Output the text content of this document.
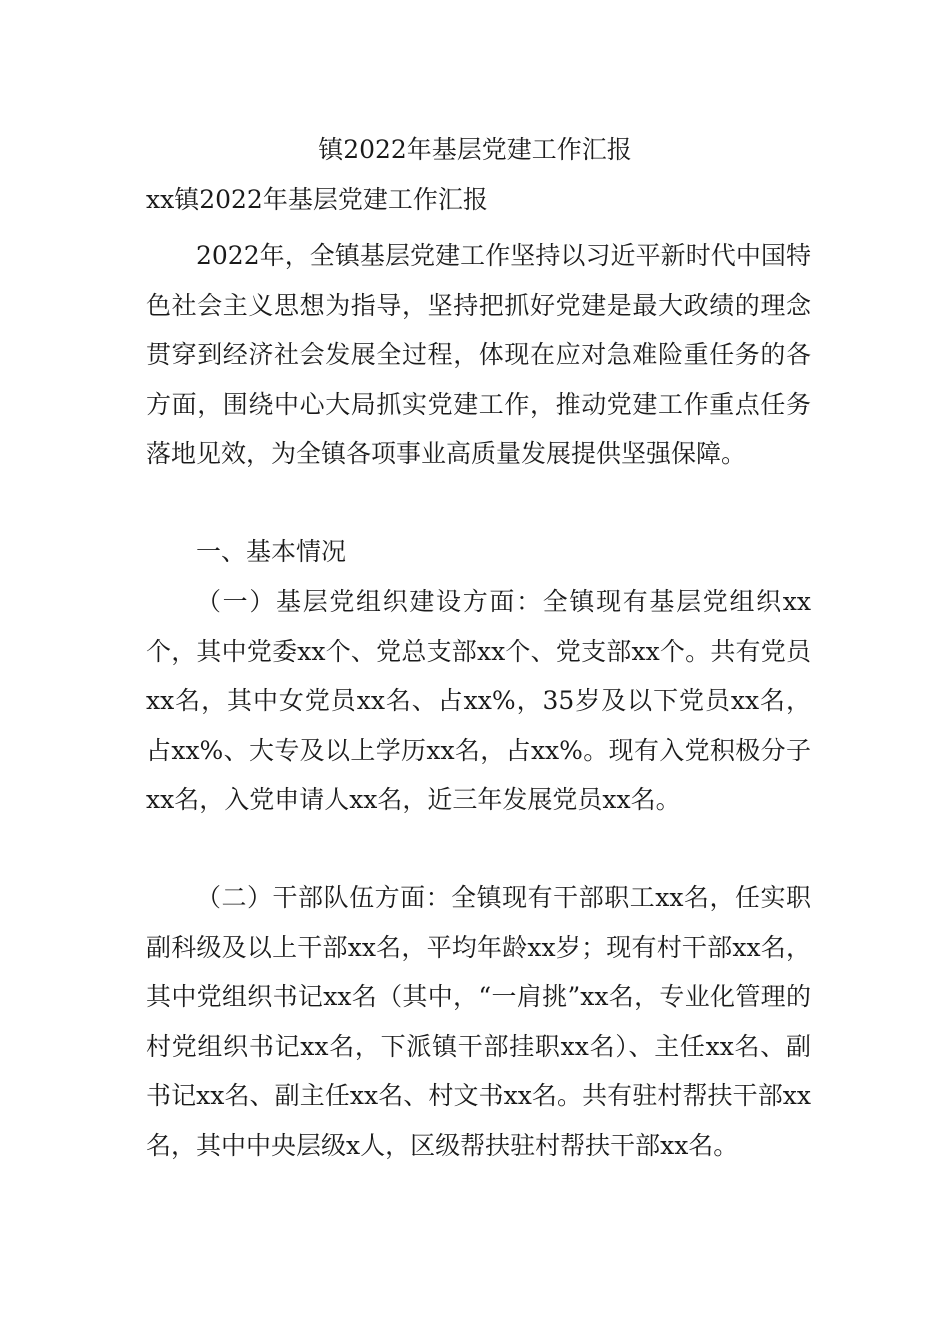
镇2022年基层党建工作汇报
xx镇2022年基层党建工作汇报

2022年，全镇基层党建工作坚持以习近平新时代中国特色社会主义思想为指导，坚持把抓好党建是最大政绩的理念贯穿到经济社会发展全过程，体现在应对急难险重任务的各方面，围绕中心大局抓实党建工作，推动党建工作重点任务落地见效，为全镇各项事业高质量发展提供坚强保障。

一、基本情况

（一）基层党组织建设方面：全镇现有基层党组织xx个，其中党委xx个、党总支部xx个、党支部xx个。共有党员xx名，其中女党员xx名、占xx%，35岁及以下党员xx名，占xx%、大专及以上学历xx名，占xx%。现有入党积极分子xx名，入党申请人xx名，近三年发展党员xx名。

（二）干部队伍方面：全镇现有干部职工xx名，任实职副科级及以上干部xx名，平均年龄xx岁；现有村干部xx名，其中党组织书记xx名（其中，“一肩挑”xx名，专业化管理的村党组织书记xx名，下派镇干部挂职xx名）、主任xx名、副书记xx名、副主任xx名、村文书xx名。共有驻村帮扶干部xx名，其中中央层级x人，区级帮扶驻村帮扶干部xx名。
